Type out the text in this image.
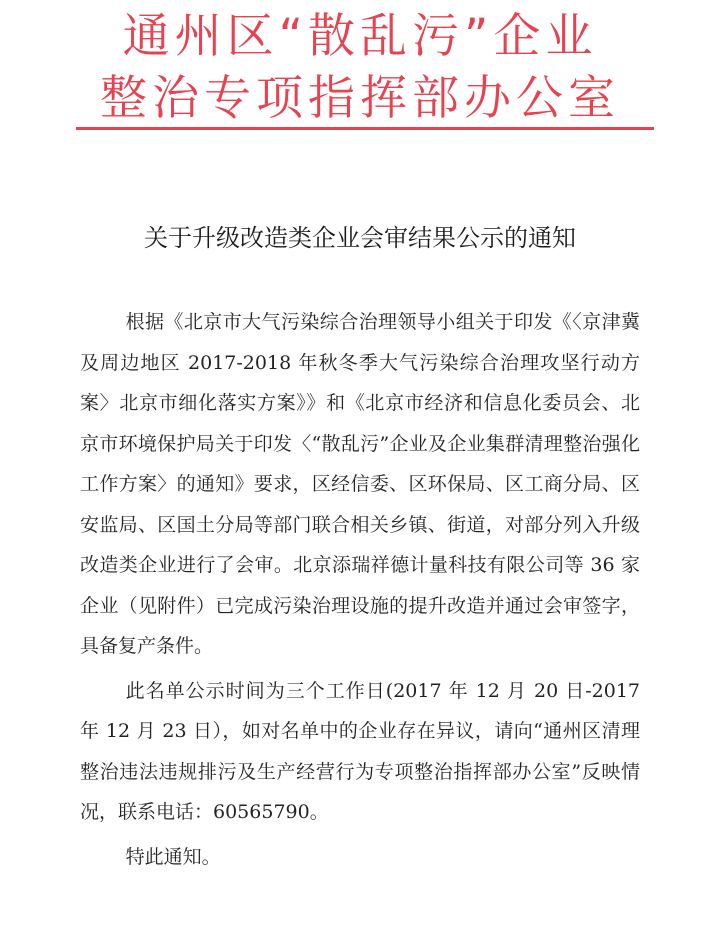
通州区“散乱污”企业
整治专项指挥部办公室
关于升级改造类企业会审结果公示的通知

根据《北京市大气污染综合治理领导小组关于印发《〈京津冀及周边地区 2017-2018 年秋冬季大气污染综合治理攻坚行动方案〉北京市细化落实方案》》和《北京市经济和信息化委员会、北京市环境保护局关于印发〈“散乱污”企业及企业集群清理整治强化工作方案〉的通知》要求，区经信委、区环保局、区工商分局、区安监局、区国土分局等部门联合相关乡镇、街道，对部分列入升级改造类企业进行了会审。北京添瑞祥德计量科技有限公司等 36 家企业（见附件）已完成污染治理设施的提升改造并通过会审签字，具备复产条件。

此名单公示时间为三个工作日(2017 年 12 月 20 日-2017 年 12 月 23 日），如对名单中的企业存在异议，请向“通州区清理整治违法违规排污及生产经营行为专项整治指挥部办公室”反映情况，联系电话：60565790。

特此通知。
